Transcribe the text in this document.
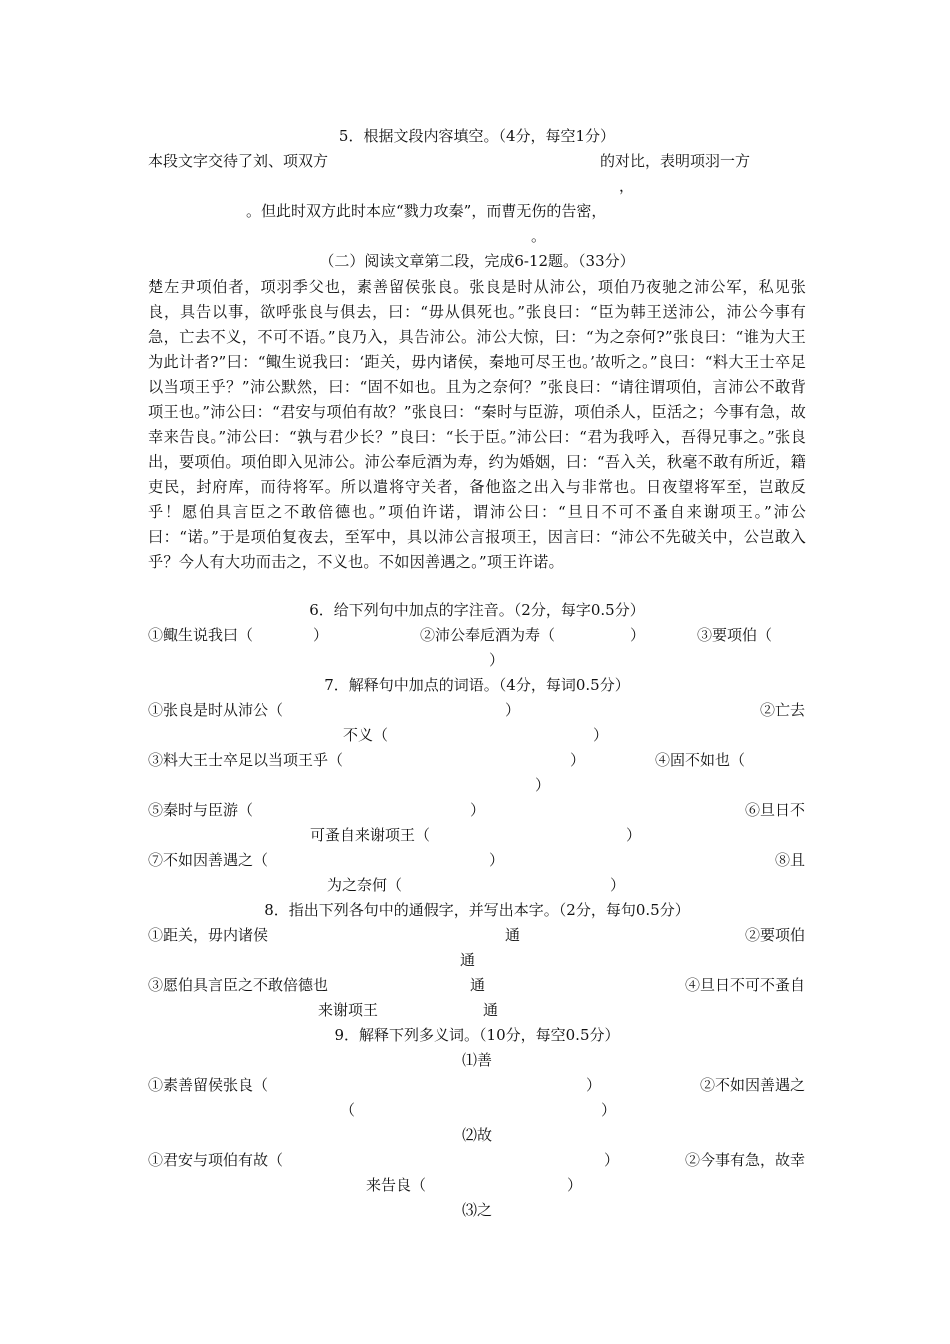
5．根据文段内容填空。（4分，每空1分）
本段文字交待了刘、项双方	的对比，表明项羽一方
，
。但此时双方此时本应“戮力攻秦”，而曹无伤的告密，
。
（二）阅读文章第二段，完成6-12题。（33分）
楚左尹项伯者，项羽季父也，素善留侯张良。张良是时从沛公，项伯乃夜驰之沛公军，私见张良，具告以事，欲呼张良与俱去，曰：“毋从俱死也。”张良曰：“臣为韩王送沛公，沛公今事有急，亡去不义，不可不语。”良乃入，具告沛公。沛公大惊，曰：“为之奈何?”张良曰：“谁为大王为此计者?”曰：“鲰生说我曰：‘距关，毋内诸侯，秦地可尽王也。’故听之。”良曰：“料大王士卒足以当项王乎？”沛公默然，曰：“固不如也。且为之奈何？”张良曰：“请往谓项伯，言沛公不敢背项王也。”沛公曰：“君安与项伯有故？”张良曰：“秦时与臣游，项伯杀人，臣活之；今事有急，故幸来告良。”沛公曰：“孰与君少长？”良曰：“长于臣。”沛公曰：“君为我呼入，吾得兄事之。”张良出，要项伯。项伯即入见沛公。沛公奉卮酒为寿，约为婚姻，曰：“吾入关，秋毫不敢有所近，籍吏民，封府库，而待将军。所以遣将守关者，备他盗之出入与非常也。日夜望将军至，岂敢反乎！愿伯具言臣之不敢倍德也。”项伯许诺，谓沛公曰：“旦日不可不蚤自来谢项王。”沛公曰：“诺。”于是项伯复夜去，至军中，具以沛公言报项王，因言曰：“沛公不先破关中，公岂敢入乎？今人有大功而击之，不义也。不如因善遇之。”项王许诺。
6．给下列句中加点的字注音。（2分，每字0.5分）
①鲰生说我曰（　　　　）	②沛公奉卮酒为寿（　　　　　）	③要项伯（
）
7．解释句中加点的词语。（4分，每词0.5分）
①张良是时从沛公（	）	②亡去
不义（	）
③料大王士卒足以当项王乎（	）	④固不如也（
）
⑤秦时与臣游（	）	⑥旦日不
可蚤自来谢项王（	）
⑦不如因善遇之（	）	⑧且
为之奈何（	）
8．指出下列各句中的通假字，并写出本字。（2分，每句0.5分）
①距关，毋内诸侯	通	②要项伯
通
③愿伯具言臣之不敢倍德也	通	④旦日不可不蚤自
来谢项王	通
9．解释下列多义词。（10分，每空0.5分）
⑴善
①素善留侯张良（	）	②不如因善遇之
（	）
⑵故
①君安与项伯有故（	）	②今事有急，故幸
来告良（	）
⑶之
